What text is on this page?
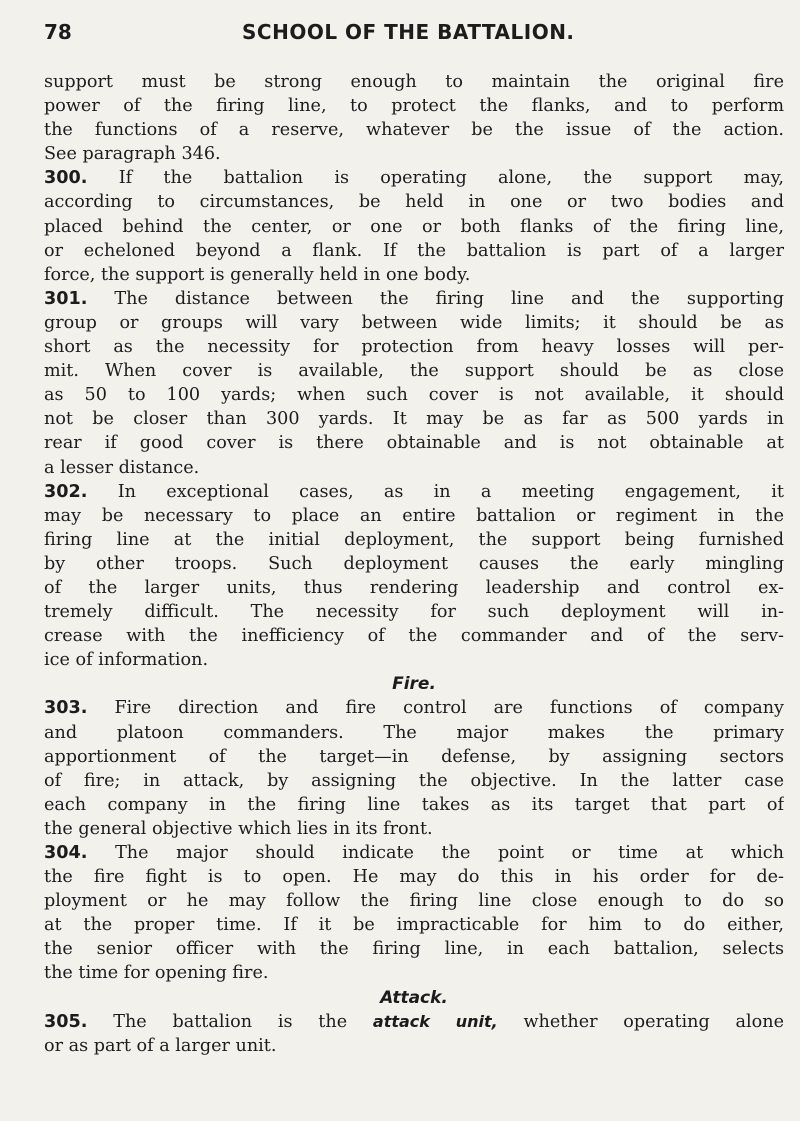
78	SCHOOL OF THE BATTALION.
support must be strong enough to maintain the original fire
power of the firing line, to protect the flanks, and to perform
the functions of a reserve, whatever be the issue of the action.
See paragraph 346.
300. If the battalion is operating alone, the support may,
according to circumstances, be held in one or two bodies and
placed behind the center, or one or both flanks of the firing line,
or echeloned beyond a flank. If the battalion is part of a larger
force, the support is generally held in one body.
301. The distance between the firing line and the supporting
group or groups will vary between wide limits; it should be as
short as the necessity for protection from heavy losses will per-
mit. When cover is available, the support should be as close
as 50 to 100 yards; when such cover is not available, it should
not be closer than 300 yards. It may be as far as 500 yards in
rear if good cover is there obtainable and is not obtainable at
a lesser distance.
302. In exceptional cases, as in a meeting engagement, it
may be necessary to place an entire battalion or regiment in the
firing line at the initial deployment, the support being furnished
by other troops. Such deployment causes the early mingling
of the larger units, thus rendering leadership and control ex-
tremely difficult. The necessity for such deployment will in-
crease with the inefficiency of the commander and of the serv-
ice of information.
Fire.
303. Fire direction and fire control are functions of company
and platoon commanders. The major makes the primary
apportionment of the target—in defense, by assigning sectors
of fire; in attack, by assigning the objective. In the latter case
each company in the firing line takes as its target that part of
the general objective which lies in its front.
304. The major should indicate the point or time at which
the fire fight is to open. He may do this in his order for de-
ployment or he may follow the firing line close enough to do so
at the proper time. If it be impracticable for him to do either,
the senior officer with the firing line, in each battalion, selects
the time for opening fire.
Attack.
305. The battalion is the attack unit, whether operating alone
or as part of a larger unit.
